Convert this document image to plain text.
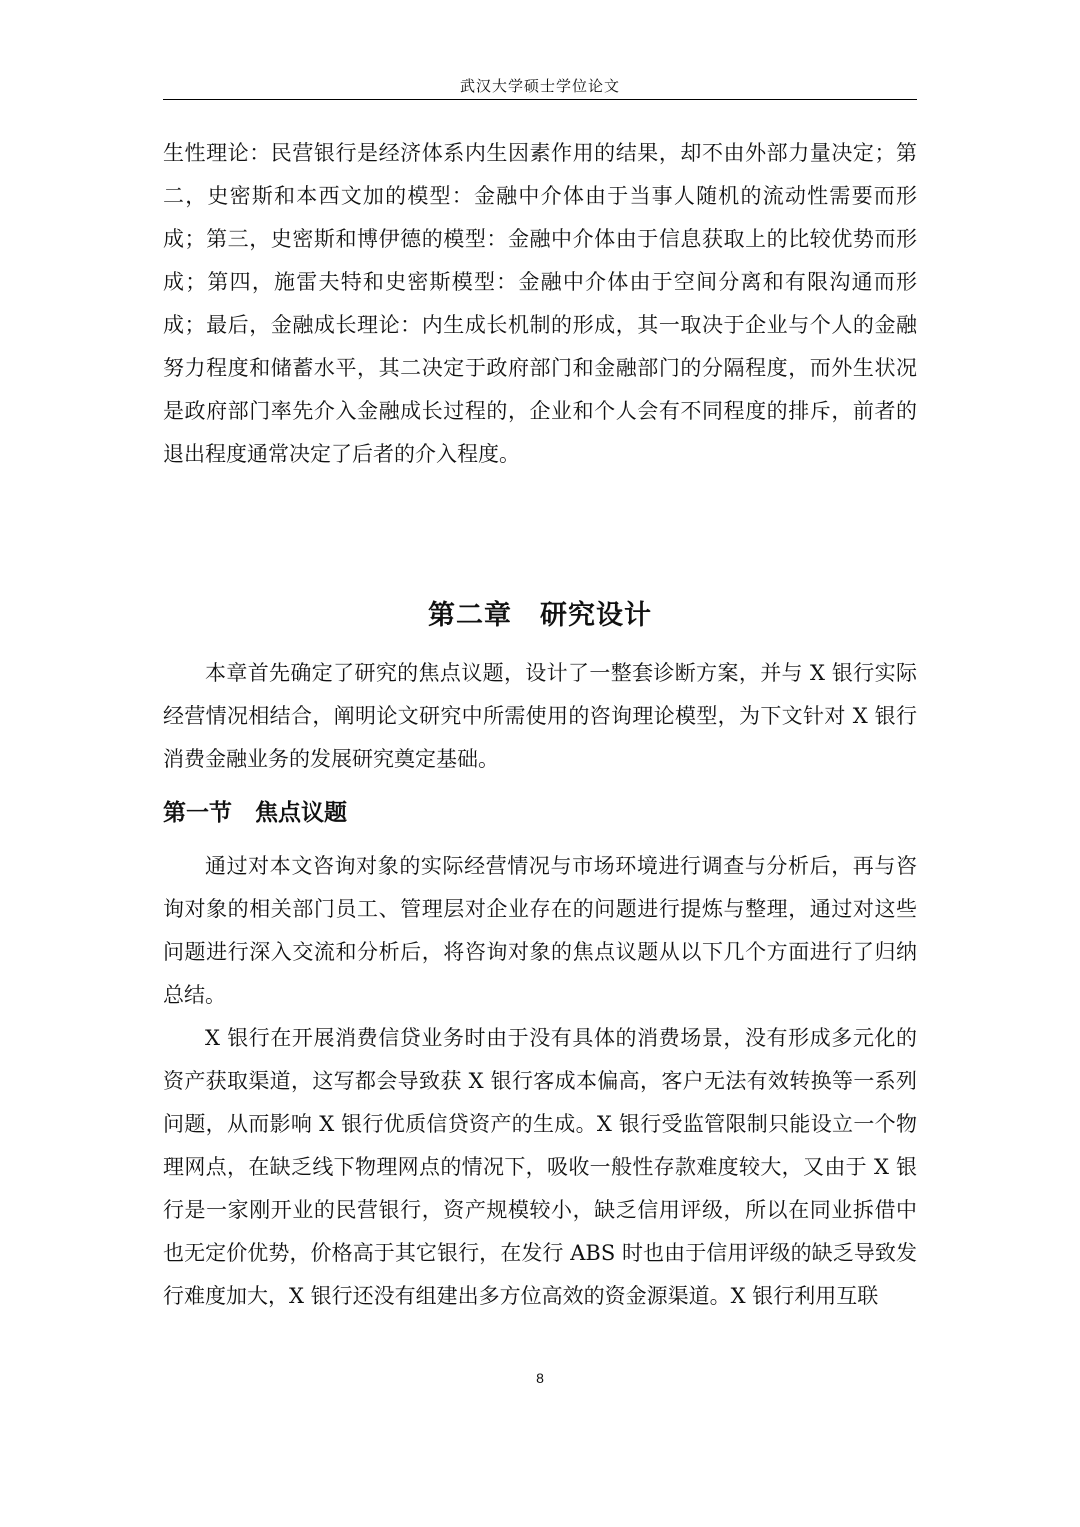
武汉大学硕士学位论文

生性理论：民营银行是经济体系内生因素作用的结果，却不由外部力量决定；第二，史密斯和本西文加的模型：金融中介体由于当事人随机的流动性需要而形成；第三，史密斯和博伊德的模型：金融中介体由于信息获取上的比较优势而形成；第四，施雷夫特和史密斯模型：金融中介体由于空间分离和有限沟通而形成；最后，金融成长理论：内生成长机制的形成，其一取决于企业与个人的金融努力程度和储蓄水平，其二决定于政府部门和金融部门的分隔程度，而外生状况是政府部门率先介入金融成长过程的，企业和个人会有不同程度的排斥，前者的退出程度通常决定了后者的介入程度。

第二章　研究设计

本章首先确定了研究的焦点议题，设计了一整套诊断方案，并与 X 银行实际经营情况相结合，阐明论文研究中所需使用的咨询理论模型，为下文针对 X 银行消费金融业务的发展研究奠定基础。

第一节　焦点议题

通过对本文咨询对象的实际经营情况与市场环境进行调查与分析后，再与咨询对象的相关部门员工、管理层对企业存在的问题进行提炼与整理，通过对这些问题进行深入交流和分析后，将咨询对象的焦点议题从以下几个方面进行了归纳总结。

X 银行在开展消费信贷业务时由于没有具体的消费场景，没有形成多元化的资产获取渠道，这写都会导致获 X 银行客成本偏高，客户无法有效转换等一系列问题，从而影响 X 银行优质信贷资产的生成。X 银行受监管限制只能设立一个物理网点，在缺乏线下物理网点的情况下，吸收一般性存款难度较大，又由于 X 银行是一家刚开业的民营银行，资产规模较小，缺乏信用评级，所以在同业拆借中也无定价优势，价格高于其它银行，在发行 ABS 时也由于信用评级的缺乏导致发行难度加大，X 银行还没有组建出多方位高效的资金源渠道。X 银行利用互联

8
